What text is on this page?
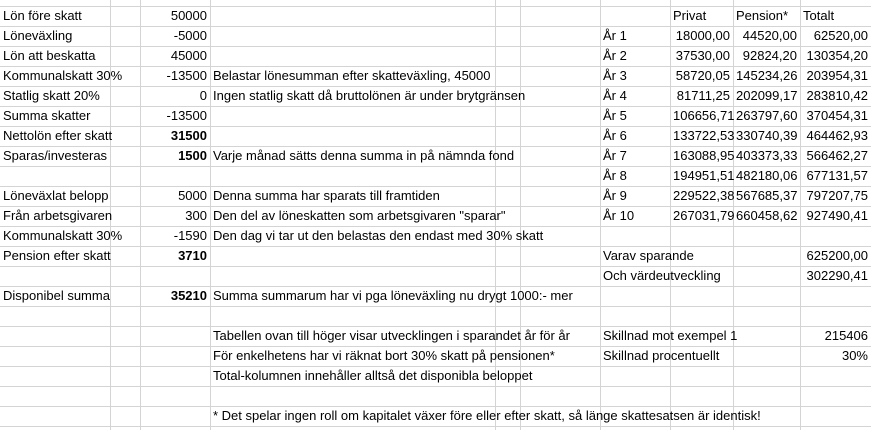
Lön före skatt	50000
Löneväxling	-5000
Lön att beskatta	45000
Kommunalskatt 30%	-13500 Belastar lönesumman efter skatteväxling, 45000
Statlig skatt 20%	0 Ingen statlig skatt då bruttolönen är under brytgränsen
Summa skatter	-13500
Nettolön efter skatt	31500
Sparas/investeras	1500 Varje månad sätts denna summa in på nämnda fond
Löneväxlat belopp	5000 Denna summa har sparats till framtiden
Från arbetsgivaren	300 Den del av löneskatten som arbetsgivaren "sparar"
Kommunalskatt 30%	-1590 Den dag vi tar ut den belastas den endast med 30% skatt
Pension efter skatt	3710
Disponibel summa	35210 Summa summarum har vi pga löneväxling nu drygt 1000:- mer
Privat	Pension*	Totalt
År 1	18000,00 44520,00	62520,00
År 2	37530,00 92824,20 130354,20
År 3	58720,05 145234,26 203954,31
År 4	81711,25 202099,17 283810,42
År 5	106656,71 263797,60 370454,31
År 6	133722,53 330740,39 464462,93
År 7	163088,95 403373,33 566462,27
År 8	194951,51 482180,06 677131,57
År 9	229522,38 567685,37 797207,75
År 10	267031,79 660458,62 927490,41
Varav sparande	625200,00
Och värdeutveckling	302290,41
Tabellen ovan till höger visar utvecklingen i sparandet år för år
För enkelhetens har vi räknat bort 30% skatt på pensionen*
Total-kolumnen innehåller alltså det disponibla beloppet
Skillnad mot exempel 1	215406
Skillnad procentuellt	30%
* Det spelar ingen roll om kapitalet växer före eller efter skatt, så länge skattesatsen är identisk!
